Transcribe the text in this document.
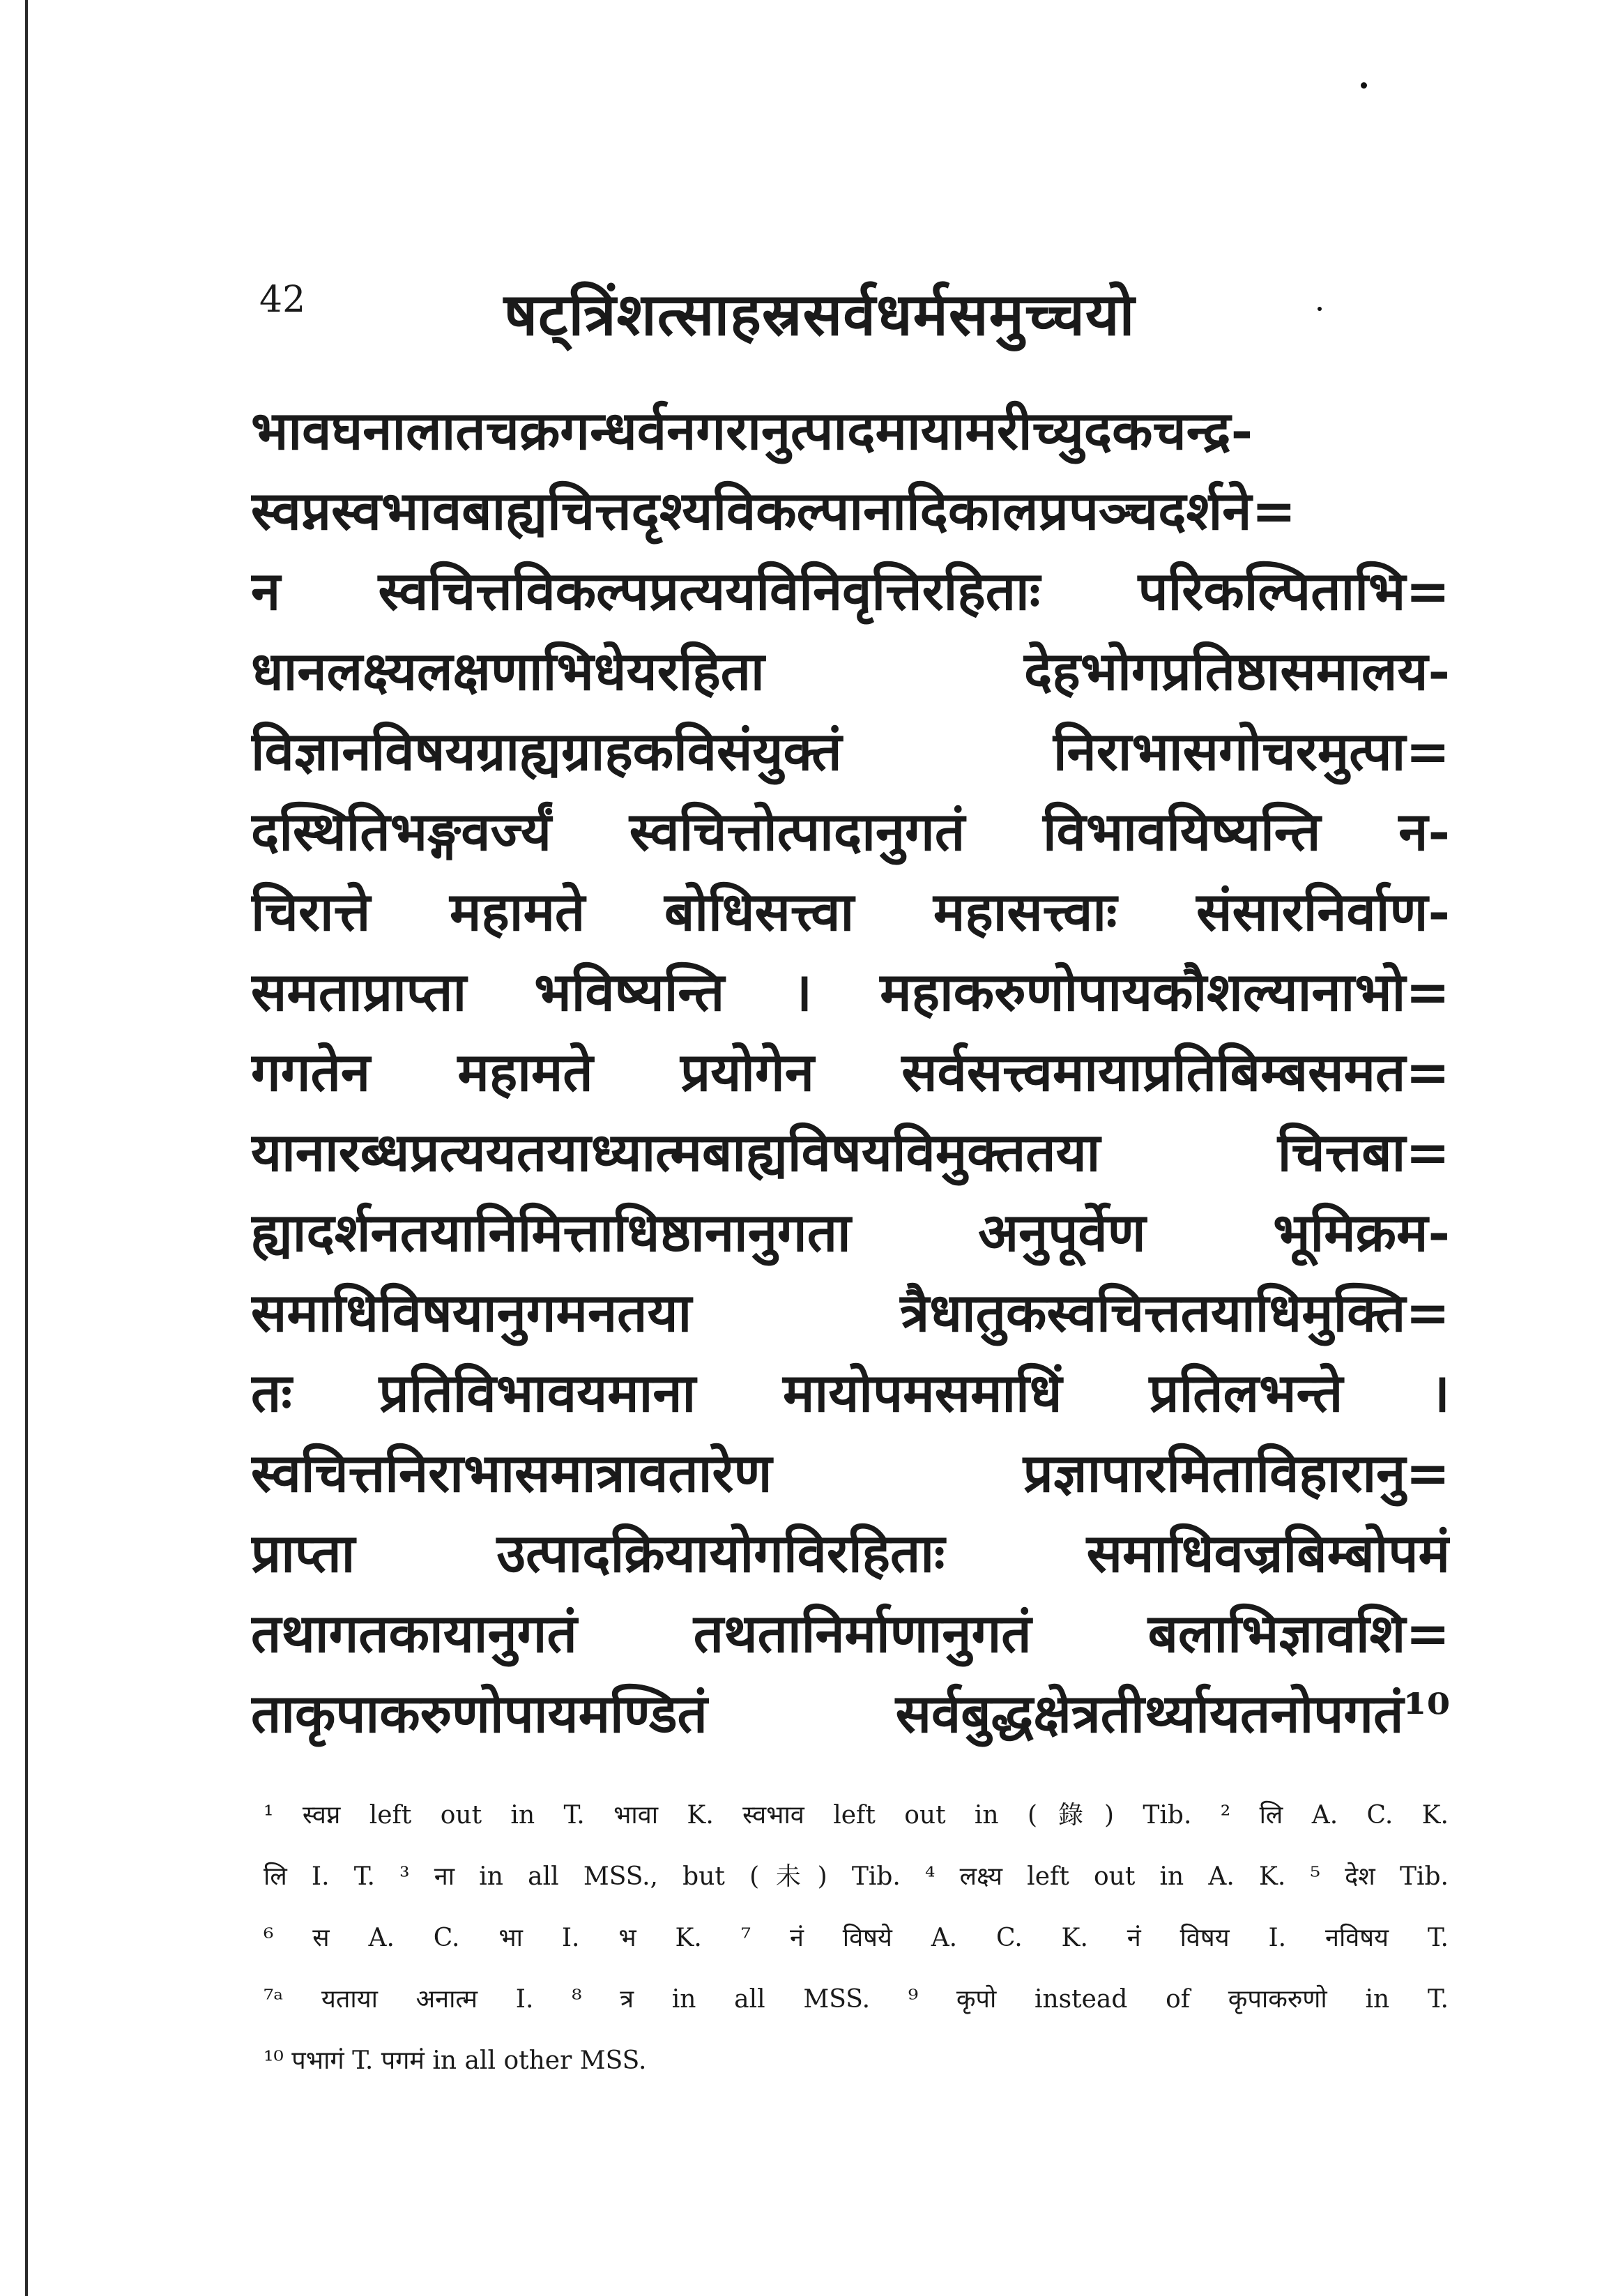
42	षट्त्रिंशत्साहस्रसर्वधर्मसमुच्चयो
भावघनालातचक्रगन्धर्वनगरानुत्पादमायामरीच्युदकचन्द्र-
स्वप्नस्वभावबाह्यचित्तदृश्यविकल्पानादिकालप्रपञ्चदर्शने=
न स्वचित्तविकल्पप्रत्ययविनिवृत्तिरहिताः परिकल्पिताभि=
धानलक्ष्यलक्षणाभिधेयरहिता देहभोगप्रतिष्ठासमालय-
विज्ञानविषयग्राह्यग्राहकविसंयुक्तं निराभासगोचरमुत्पा=
दस्थितिभङ्गवर्ज्यं स्वचित्तोत्पादानुगतं विभावयिष्यन्ति न-
चिरात्ते महामते बोधिसत्त्वा महासत्त्वाः संसारनिर्वाण-
समताप्राप्ता भविष्यन्ति । महाकरुणोपायकौशल्यानाभो=
गगतेन महामते प्रयोगेन सर्वसत्त्वमायाप्रतिबिम्बसमत=
यानारब्धप्रत्ययतयाध्यात्मबाह्यविषयविमुक्ततया चित्तबा=
ह्यादर्शनतयानिमित्ताधिष्ठानानुगता अनुपूर्वेण भूमिक्रम-
समाधिविषयानुगमनतया त्रैधातुकस्वचित्ततयाधिमुक्ति=
तः प्रतिविभावयमाना मायोपमसमाधिं प्रतिलभन्ते ।
स्वचित्तनिराभासमात्रावतारेण प्रज्ञापारमिताविहारानु=
प्राप्ता उत्पादक्रियायोगविरहिताः समाधिवज्रबिम्बोपमं
तथागतकायानुगतं तथतानिर्माणानुगतं बलाभिज्ञावशि=
ताकृपाकरुणोपायमण्डितं सर्वबुद्धक्षेत्रतीर्थ्यायतनोपगतं¹⁰
¹ स्वप्न left out in T. भावा K. स्वभाव left out in (錄) Tib. ² लि A. C. K.
लि I. T. ³ ना in all MSS., but (未) Tib. ⁴ लक्ष्य left out in A. K. ⁵ देश Tib.
⁶ स A. C. भा I. भ K. ⁷ नं विषये A. C. K. नं विषय I. नविषय T.
⁷ᵃ यताया अनात्म I. ⁸ त्र in all MSS. ⁹ कृपो instead of कृपाकरुणो in T.
¹⁰ पभागं T. पगमं in all other MSS.
